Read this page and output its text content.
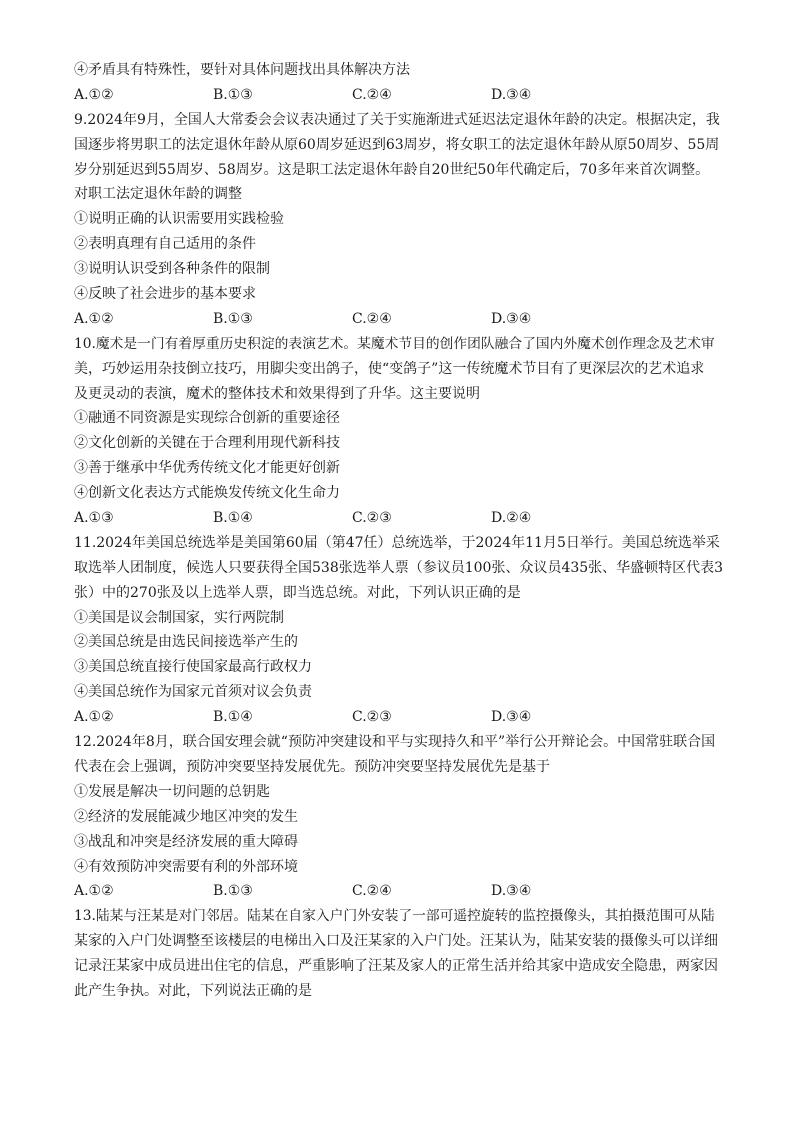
④矛盾具有特殊性，要针对具体问题找出具体解决方法
A.①②	B.①③	C.②④	D.③④
9.2024年9月，全国人大常委会会议表决通过了关于实施渐进式延迟法定退休年龄的决定。根据决定，我
国逐步将男职工的法定退休年龄从原60周岁延迟到63周岁，将女职工的法定退休年龄从原50周岁、55周
岁分别延迟到55周岁、58周岁。这是职工法定退休年龄自20世纪50年代确定后，70多年来首次调整。
对职工法定退休年龄的调整
①说明正确的认识需要用实践检验
②表明真理有自己适用的条件
③说明认识受到各种条件的限制
④反映了社会进步的基本要求
A.①②	B.①③	C.②④	D.③④
10.魔术是一门有着厚重历史积淀的表演艺术。某魔术节目的创作团队融合了国内外魔术创作理念及艺术审
美，巧妙运用杂技倒立技巧，用脚尖变出鸽子，使“变鸽子”这一传统魔术节目有了更深层次的艺术追求
及更灵动的表演，魔术的整体技术和效果得到了升华。这主要说明
①融通不同资源是实现综合创新的重要途径
②文化创新的关键在于合理利用现代新科技
③善于继承中华优秀传统文化才能更好创新
④创新文化表达方式能焕发传统文化生命力
A.①③	B.①④	C.②③	D.②④
11.2024年美国总统选举是美国第60届（第47任）总统选举，于2024年11月5日举行。美国总统选举采
取选举人团制度，候选人只要获得全国538张选举人票（参议员100张、众议员435张、华盛顿特区代表3
张）中的270张及以上选举人票，即当选总统。对此，下列认识正确的是
①美国是议会制国家，实行两院制
②美国总统是由选民间接选举产生的
③美国总统直接行使国家最高行政权力
④美国总统作为国家元首须对议会负责
A.①②	B.①④	C.②③	D.③④
12.2024年8月，联合国安理会就“预防冲突建设和平与实现持久和平”举行公开辩论会。中国常驻联合国
代表在会上强调，预防冲突要坚持发展优先。预防冲突要坚持发展优先是基于
①发展是解决一切问题的总钥匙
②经济的发展能减少地区冲突的发生
③战乱和冲突是经济发展的重大障碍
④有效预防冲突需要有利的外部环境
A.①②	B.①③	C.②④	D.③④
13.陆某与汪某是对门邻居。陆某在自家入户门外安装了一部可遥控旋转的监控摄像头，其拍摄范围可从陆
某家的入户门处调整至该楼层的电梯出入口及汪某家的入户门处。汪某认为，陆某安装的摄像头可以详细
记录汪某家中成员进出住宅的信息，严重影响了汪某及家人的正常生活并给其家中造成安全隐患，两家因
此产生争执。对此，下列说法正确的是
